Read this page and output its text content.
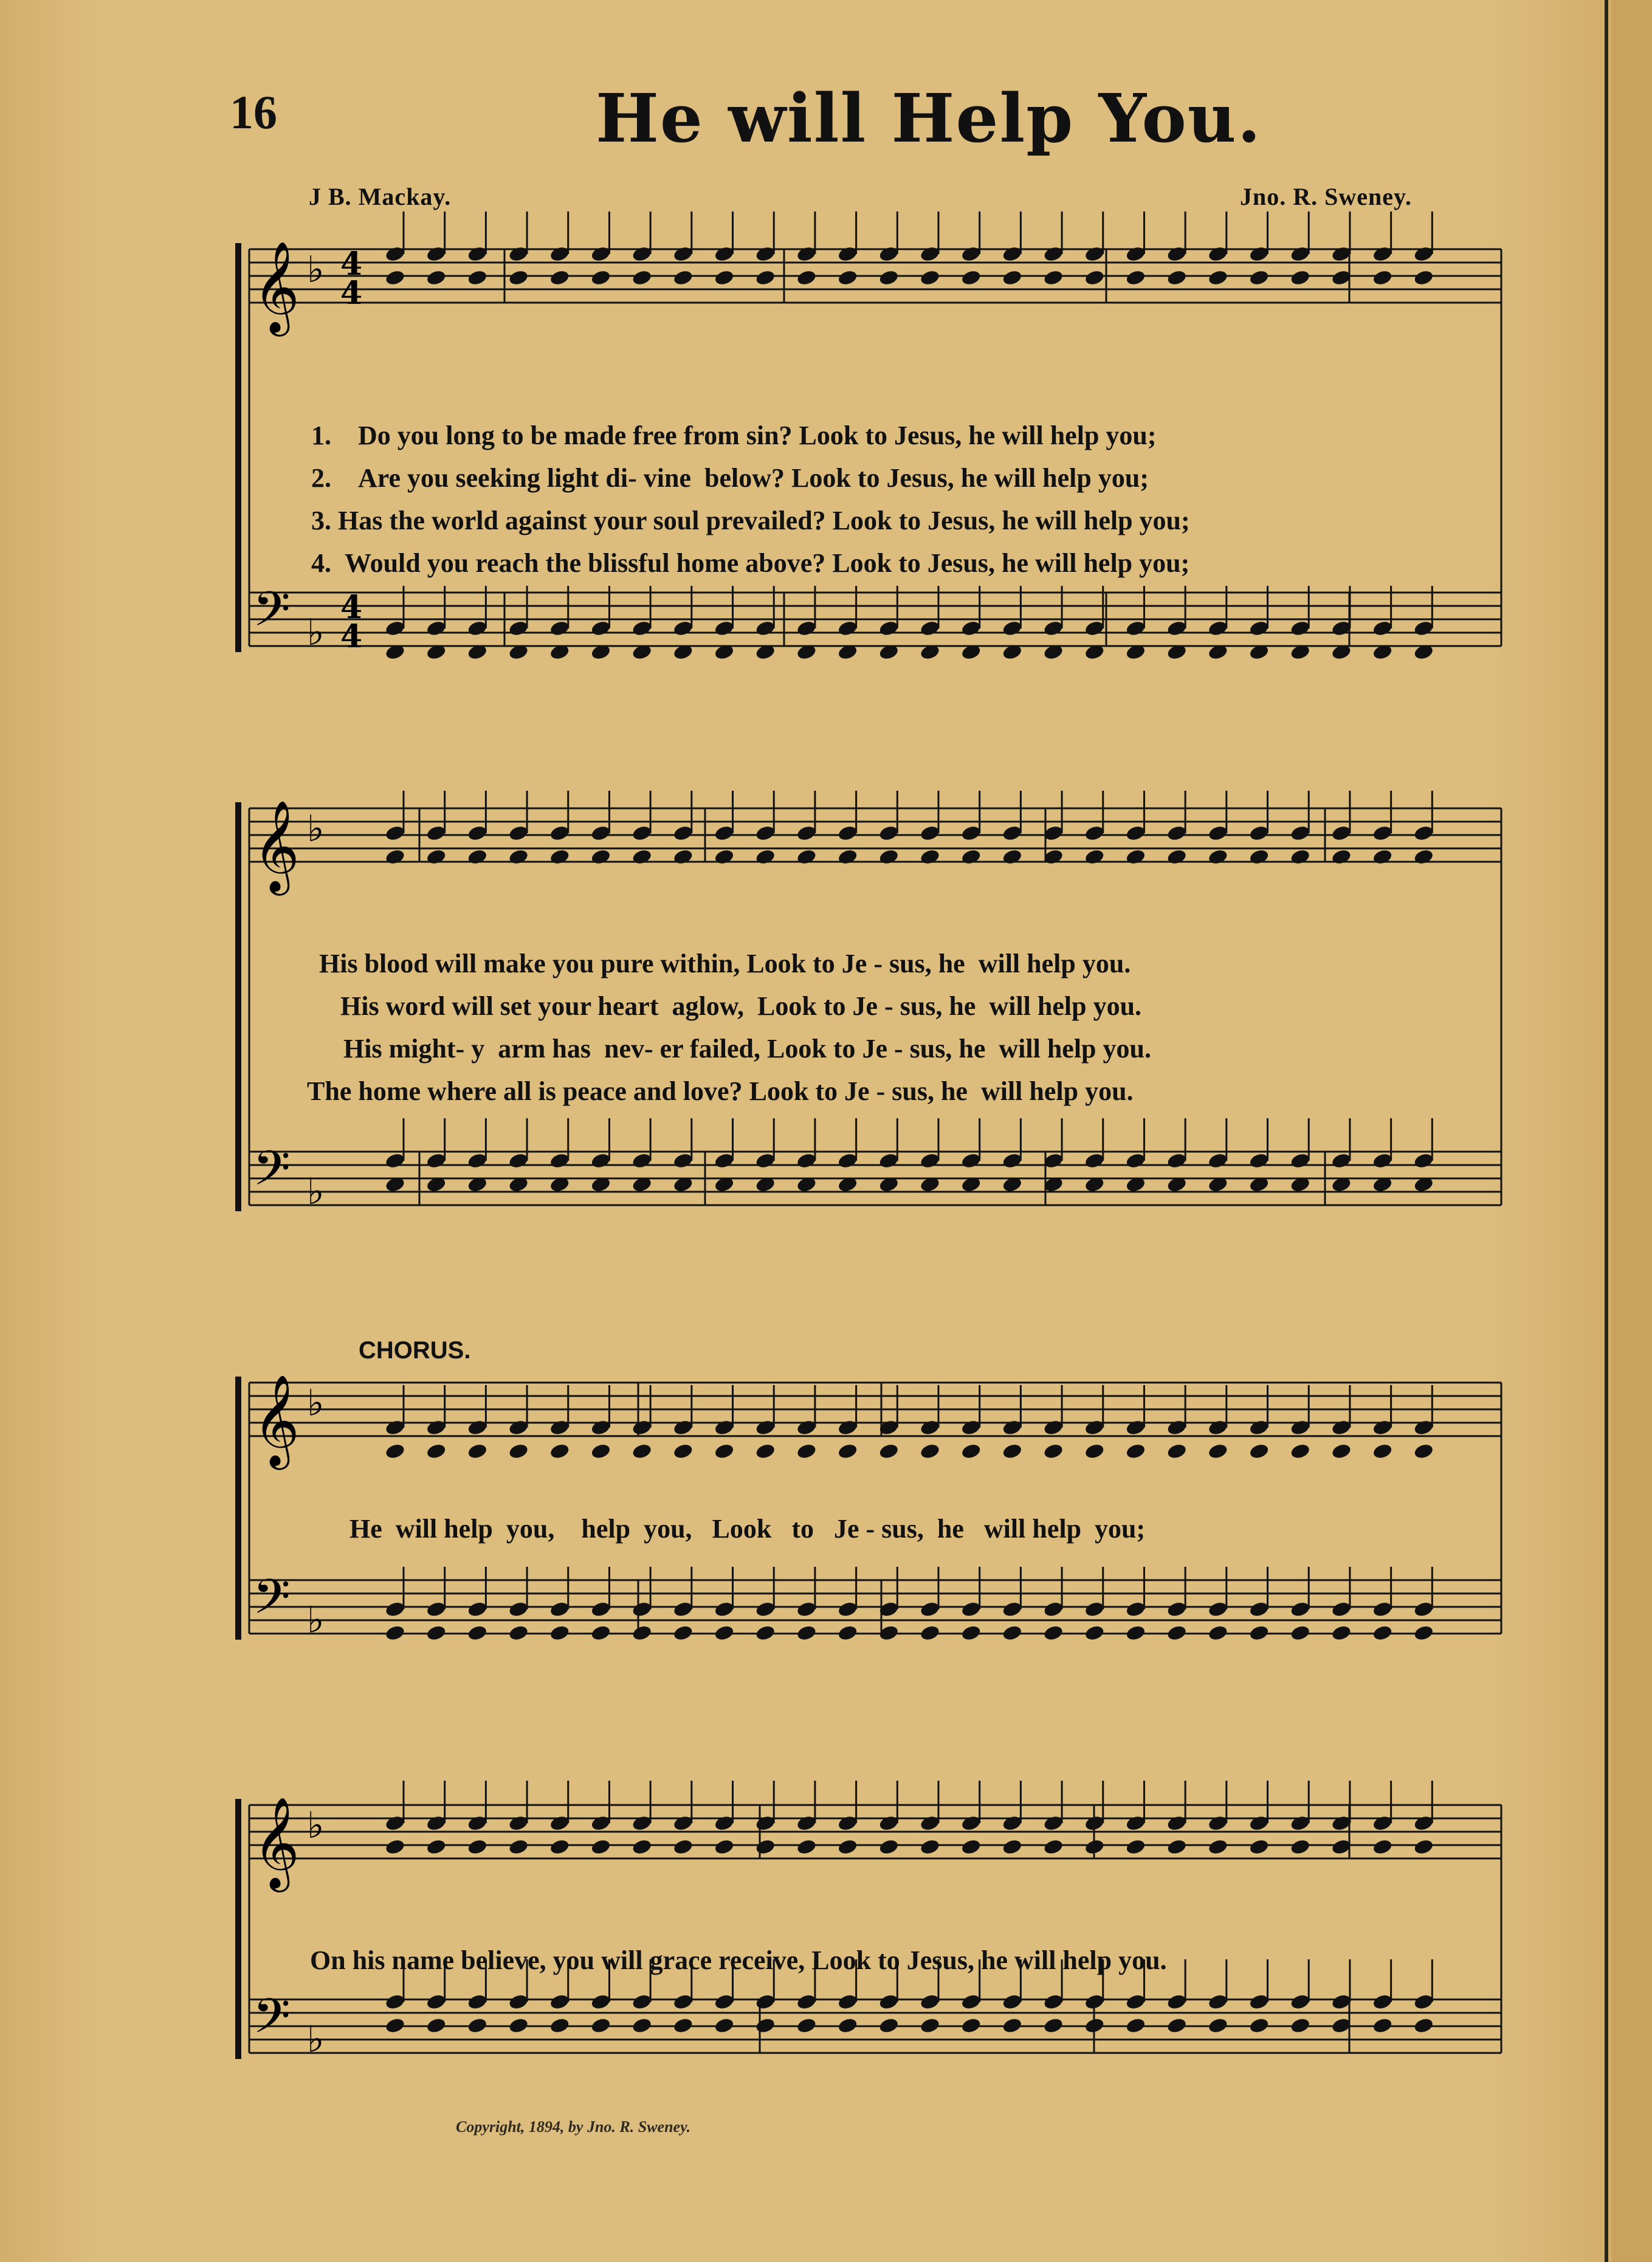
16	He will Help You.
J B. Mackay.	Jno. R. Sweney.
𝄞 ♭
𝄢 ♭
𝄞 ♭
𝄢 ♭
𝄞 ♭
𝄢 ♭
𝄞 ♭
𝄢 ♭
4
4
4
4

1. Do you long to be made free from sin? Look to Jesus, he will help you;

2. Are you seeking light di- vine  below? Look to Jesus, he will help you;

3. Has the world against your soul prevailed? Look to Jesus, he will help you;

4. Would you reach the blissful home above? Look to Jesus, he will help you;

His blood will make you pure within, Look to Je - sus, he  will help you.
His word will set your heart  aglow,  Look to Je - sus, he  will help you.
His might- y  arm has  nev- er failed, Look to Je - sus, he  will help you.
The home where all is peace and love? Look to Je - sus, he  will help you.
CHORUS.
He  will help  you,    help  you,   Look   to   Je - sus,  he   will help  you;
On his name believe, you will grace receive, Look to Jesus, he will help you.
Copyright, 1894, by Jno. R. Sweney.
